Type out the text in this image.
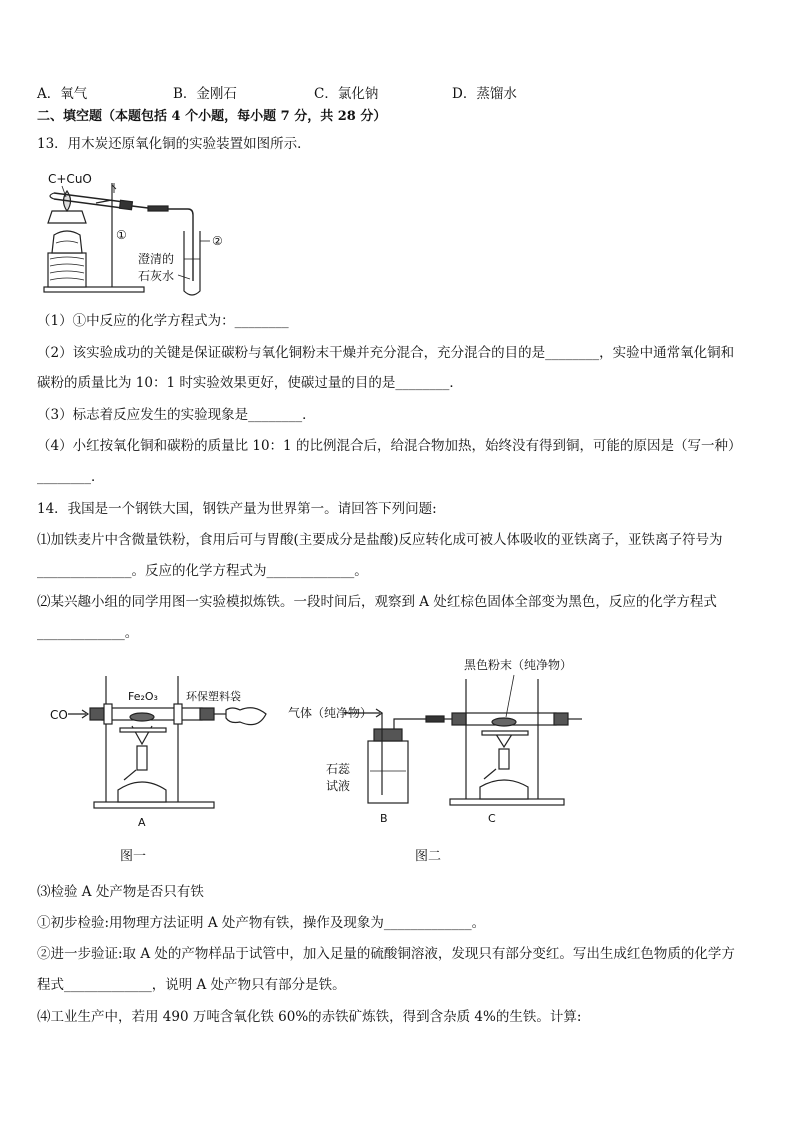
A．氧气	B．金刚石	C．氯化钠	D．蒸馏水
二、填空题（本题包括 4 个小题，每小题 7 分，共 28 分）
13．用木炭还原氧化铜的实验装置如图所示．
C+CuO
①	②
澄清的
石灰水
（1）①中反应的化学方程式为：________
（2）该实验成功的关键是保证碳粉与氧化铜粉末干燥并充分混合，充分混合的目的是________，实验中通常氧化铜和
碳粉的质量比为 10：1 时实验效果更好，使碳过量的目的是________．
（3）标志着反应发生的实验现象是________．
（4）小红按氧化铜和碳粉的质量比 10：1 的比例混合后，给混合物加热，始终没有得到铜，可能的原因是（写一种）
________．
14．我国是一个钢铁大国，钢铁产量为世界第一。请回答下列问题:
⑴加铁麦片中含微量铁粉，食用后可与胃酸(主要成分是盐酸)反应转化成可被人体吸收的亚铁离子，亚铁离子符号为
______________。反应的化学方程式为_____________。
⑵某兴趣小组的同学用图一实验模拟炼铁。一段时间后，观察到 A 处红棕色固体全部变为黑色，反应的化学方程式
_____________。
CO
Fe₂O₃	环保塑料袋
A
气体（纯净物）
黑色粉末（纯净物）
石蕊
试液
B	C
图一	图二
⑶检验 A 处产物是否只有铁
①初步检验:用物理方法证明 A 处产物有铁，操作及现象为_____________。
②进一步验证:取 A 处的产物样品于试管中，加入足量的硫酸铜溶液，发现只有部分变红。写出生成红色物质的化学方
程式_____________，说明 A 处产物只有部分是铁。
⑷工业生产中，若用 490 万吨含氧化铁 60%的赤铁矿炼铁，得到含杂质 4%的生铁。计算:
